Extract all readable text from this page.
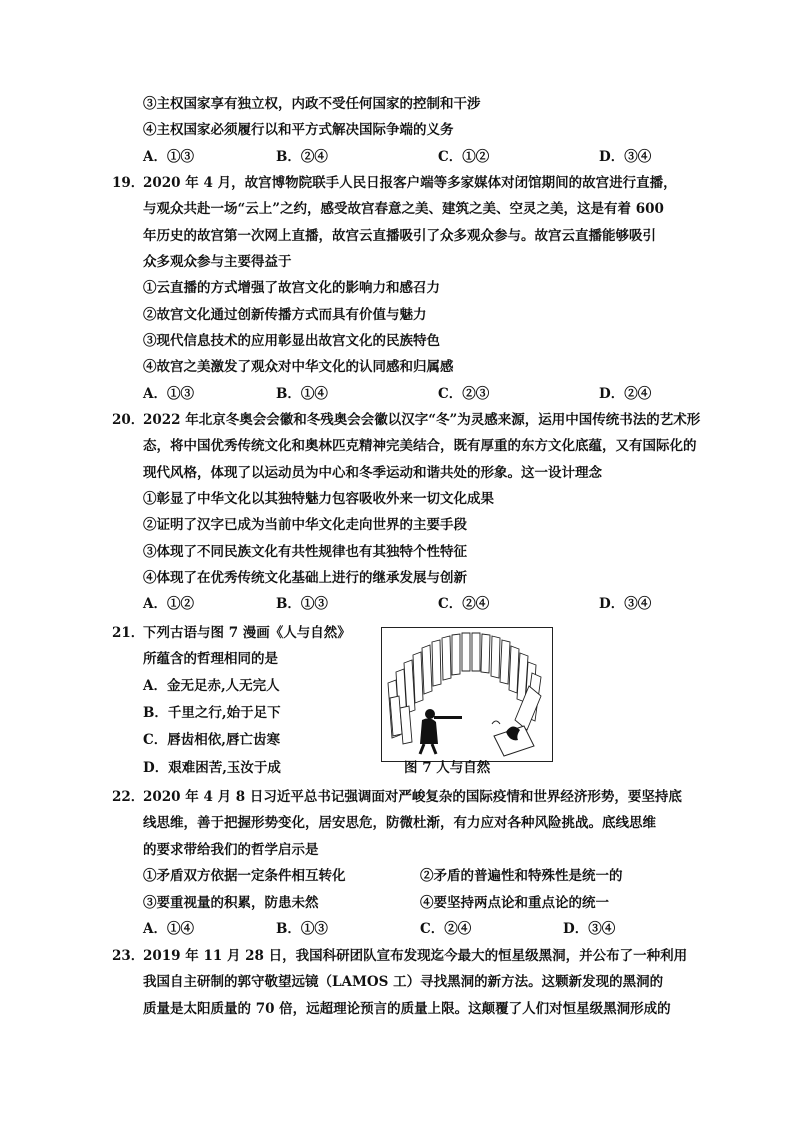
③主权国家享有独立权，内政不受任何国家的控制和干涉
④主权国家必须履行以和平方式解决国际争端的义务
A．①③	B．②④	C．①②	D．③④
19．
2020 年 4 月，故宫博物院联手人民日报客户端等多家媒体对闭馆期间的故宫进行直播，
与观众共赴一场“云上”之约，感受故宫春意之美、建筑之美、空灵之美，这是有着 600
年历史的故宫第一次网上直播，故宫云直播吸引了众多观众参与。故宫云直播能够吸引
众多观众参与主要得益于
①云直播的方式增强了故宫文化的影响力和感召力
②故宫文化通过创新传播方式而具有价值与魅力
③现代信息技术的应用彰显出故宫文化的民族特色
④故宫之美激发了观众对中华文化的认同感和归属感
A．①③	B．①④	C．②③	D．②④
20．
2022 年北京冬奥会会徽和冬残奥会会徽以汉字“冬”为灵感来源，运用中国传统书法的艺术形
态，将中国优秀传统文化和奥林匹克精神完美结合，既有厚重的东方文化底蕴，又有国际化的
现代风格，体现了以运动员为中心和冬季运动和谐共处的形象。这一设计理念
①彰显了中华文化以其独特魅力包容吸收外来一切文化成果
②证明了汉字已成为当前中华文化走向世界的主要手段
③体现了不同民族文化有共性规律也有其独特个性特征
④体现了在优秀传统文化基础上进行的继承发展与创新
A．①②	B．①③	C．②④	D．③④
21．
下列古语与图 7 漫画《人与自然》
所蕴含的哲理相同的是
A．金无足赤,人无完人
B．千里之行,始于足下
C．唇齿相依,唇亡齿寒
D．艰难困苦,玉汝于成	图 7 人与自然
22．
2020 年 4 月 8 日习近平总书记强调面对严峻复杂的国际疫情和世界经济形势，要坚持底
线思维，善于把握形势变化，居安思危，防微杜渐，有力应对各种风险挑战。底线思维
的要求带给我们的哲学启示是
①矛盾双方依据一定条件相互转化	②矛盾的普遍性和特殊性是统一的
③要重视量的积累，防患未然	④要坚持两点论和重点论的统一
A．①④	B．①③	C．②④	D．③④
23．
2019 年 11 月 28 日，我国科研团队宣布发现迄今最大的恒星级黑洞，并公布了一种利用
我国自主研制的郭守敬望远镜（LAMOS 工）寻找黑洞的新方法。这颗新发现的黑洞的
质量是太阳质量的 70 倍，远超理论预言的质量上限。这颠覆了人们对恒星级黑洞形成的
